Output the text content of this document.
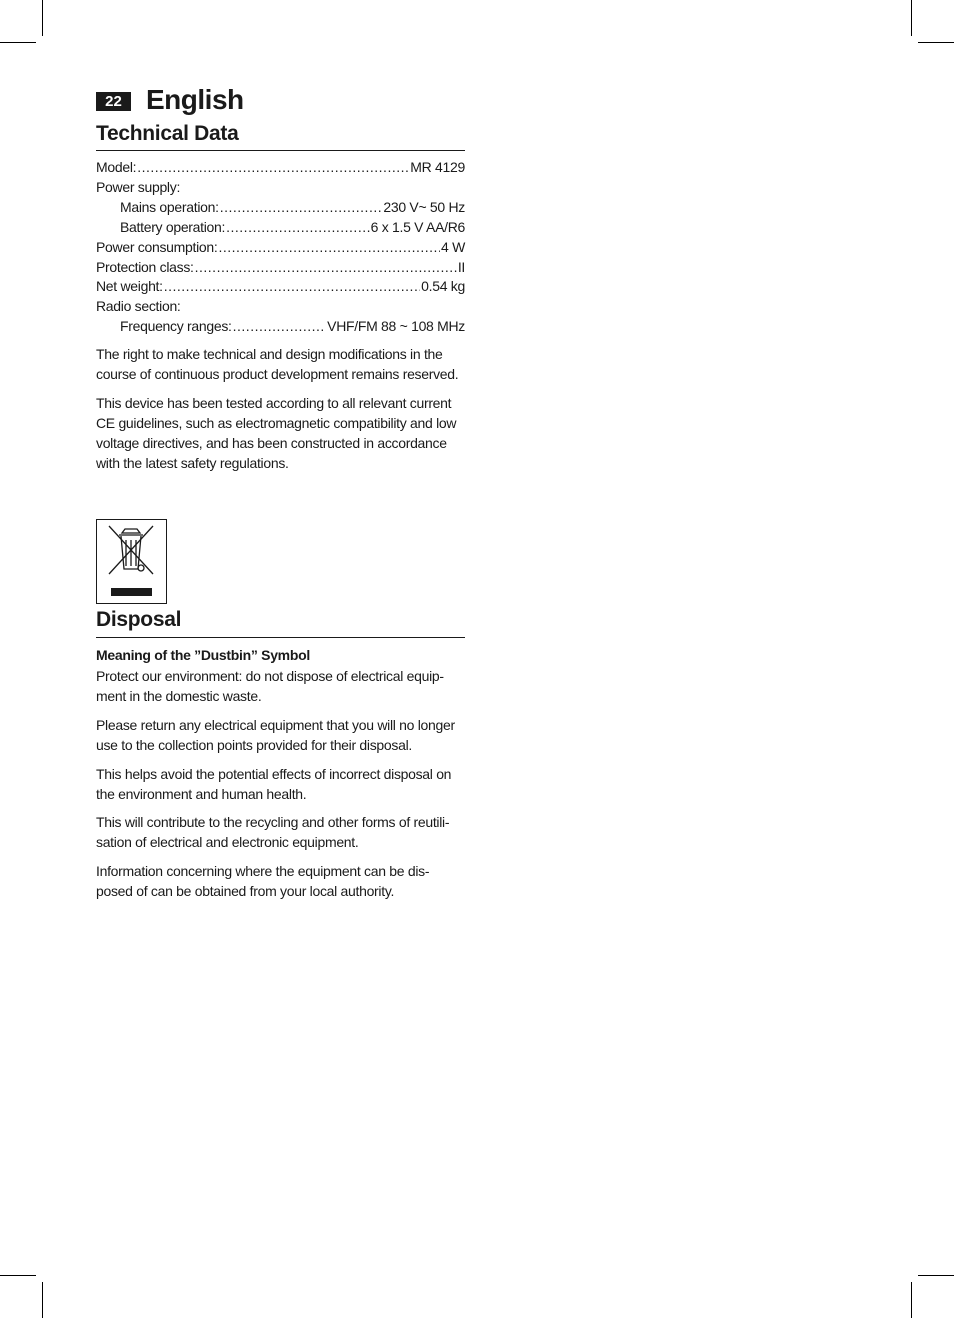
22 English
Technical Data
Model: .....	MR 4129
Power supply:
Mains operation: .....	230 V~ 50 Hz
Battery operation: .....	6 x 1.5 V AA/R6
Power consumption: .....	4 W
Protection class: .....	II
Net weight: .....	0.54 kg
Radio section:
Frequency ranges: .....	VHF/FM 88 ~ 108 MHz

The right to make technical and design modifications in the course of continuous product development remains reserved.

This device has been tested according to all relevant current CE guidelines, such as electromagnetic compatibility and low voltage directives, and has been constructed in accordance with the latest safety regulations.

Disposal

Meaning of the ”Dustbin” Symbol

Protect our environment: do not dispose of electrical equip-ment in the domestic waste.

Please return any electrical equipment that you will no longer use to the collection points provided for their disposal.

This helps avoid the potential effects of incorrect disposal on the environment and human health.

This will contribute to the recycling and other forms of reutili-sation of electrical and electronic equipment.

Information concerning where the equipment can be dis-posed of can be obtained from your local authority.
